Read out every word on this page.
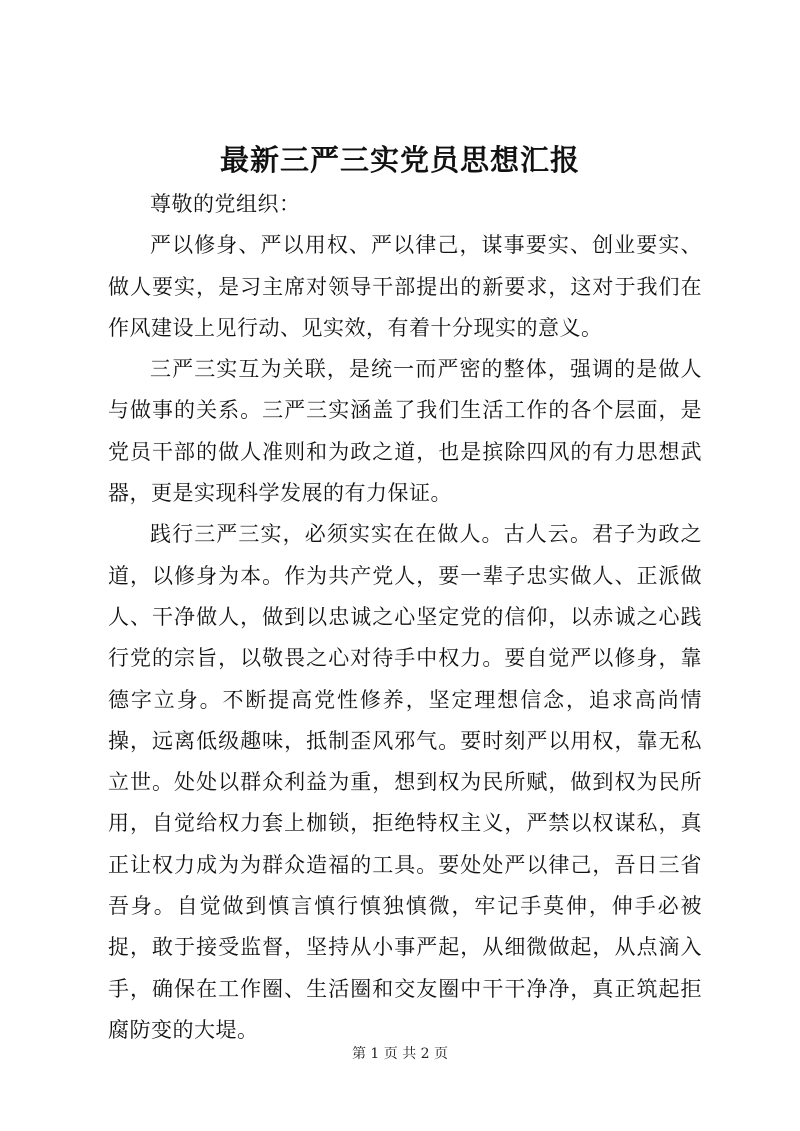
最新三严三实党员思想汇报

尊敬的党组织：

严以修身、严以用权、严以律己，谋事要实、创业要实、做人要实，是习主席对领导干部提出的新要求，这对于我们在作风建设上见行动、见实效，有着十分现实的意义。

三严三实互为关联，是统一而严密的整体，强调的是做人与做事的关系。三严三实涵盖了我们生活工作的各个层面，是党员干部的做人准则和为政之道，也是摈除四风的有力思想武器，更是实现科学发展的有力保证。

践行三严三实，必须实实在在做人。古人云。君子为政之道，以修身为本。作为共产党人，要一辈子忠实做人、正派做人、干净做人，做到以忠诚之心坚定党的信仰，以赤诚之心践行党的宗旨，以敬畏之心对待手中权力。要自觉严以修身，靠德字立身。不断提高党性修养，坚定理想信念，追求高尚情操，远离低级趣味，抵制歪风邪气。要时刻严以用权，靠无私立世。处处以群众利益为重，想到权为民所赋，做到权为民所用，自觉给权力套上枷锁，拒绝特权主义，严禁以权谋私，真正让权力成为为群众造福的工具。要处处严以律己，吾日三省吾身。自觉做到慎言慎行慎独慎微，牢记手莫伸，伸手必被捉，敢于接受监督，坚持从小事严起，从细微做起，从点滴入手，确保在工作圈、生活圈和交友圈中干干净净，真正筑起拒腐防变的大堤。

第 1 页 共 2 页
